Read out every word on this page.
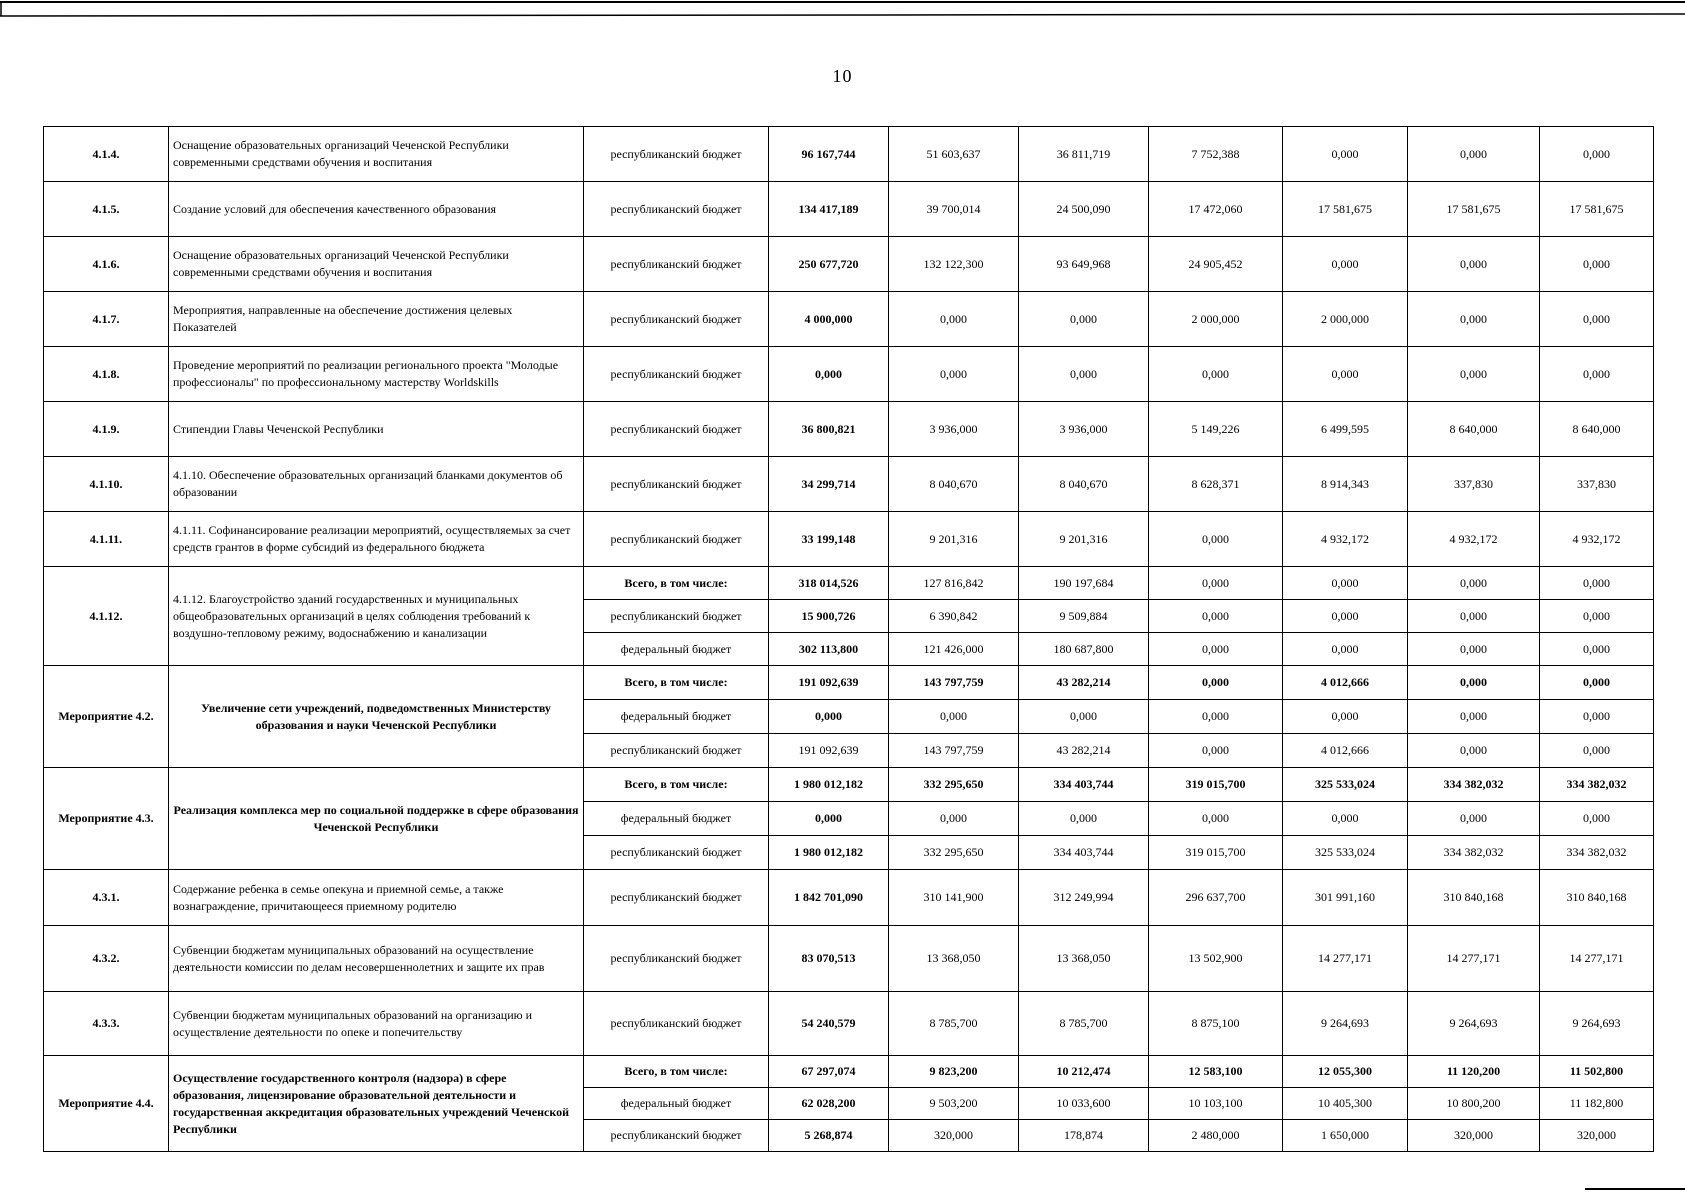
10
4.1.4.	Оснащение образовательных организаций Чеченской Республики современными средствами обучения и воспитания	республиканский бюджет	96 167,744	51 603,637	36 811,719	7 752,388	0,000	0,000	0,000
4.1.5.	Создание условий для обеспечения качественного образования	республиканский бюджет	134 417,189	39 700,014	24 500,090	17 472,060	17 581,675	17 581,675	17 581,675
4.1.6.	Оснащение образовательных организаций Чеченской Республики современными средствами обучения и воспитания	республиканский бюджет	250 677,720	132 122,300	93 649,968	24 905,452	0,000	0,000	0,000
4.1.7.	Мероприятия, направленные на обеспечение достижения целевых Показателей	республиканский бюджет	4 000,000	0,000	0,000	2 000,000	2 000,000	0,000	0,000
4.1.8.	Проведение мероприятий по реализации регионального проекта "Молодые профессионалы" по профессиональному мастерству Worldskills	республиканский бюджет	0,000	0,000	0,000	0,000	0,000	0,000	0,000
4.1.9.	Стипендии Главы Чеченской Республики	республиканский бюджет	36 800,821	3 936,000	3 936,000	5 149,226	6 499,595	8 640,000	8 640,000
4.1.10.	4.1.10. Обеспечение образовательных организаций бланками документов об образовании	республиканский бюджет	34 299,714	8 040,670	8 040,670	8 628,371	8 914,343	337,830	337,830
4.1.11.	4.1.11. Софинансирование реализации мероприятий, осуществляемых за счет средств грантов в форме субсидий из федерального бюджета	республиканский бюджет	33 199,148	9 201,316	9 201,316	0,000	4 932,172	4 932,172	4 932,172
4.1.12.	4.1.12. Благоустройство зданий государственных и муниципальных общеобразовательных организаций в целях соблюдения требований к воздушно-тепловому режиму, водоснабжению и канализации	Всего, в том числе:	318 014,526	127 816,842	190 197,684	0,000	0,000	0,000	0,000
		республиканский бюджет	15 900,726	6 390,842	9 509,884	0,000	0,000	0,000	0,000
		федеральный бюджет	302 113,800	121 426,000	180 687,800	0,000	0,000	0,000	0,000
Мероприятие 4.2.	Увеличение сети учреждений, подведомственных Министерству образования и науки Чеченской Республики	Всего, в том числе:	191 092,639	143 797,759	43 282,214	0,000	4 012,666	0,000	0,000
		федеральный бюджет	0,000	0,000	0,000	0,000	0,000	0,000	0,000
		республиканский бюджет	191 092,639	143 797,759	43 282,214	0,000	4 012,666	0,000	0,000
Мероприятие 4.3.	Реализация комплекса мер по социальной поддержке в сфере образования Чеченской Республики	Всего, в том числе:	1 980 012,182	332 295,650	334 403,744	319 015,700	325 533,024	334 382,032	334 382,032
		федеральный бюджет	0,000	0,000	0,000	0,000	0,000	0,000	0,000
		республиканский бюджет	1 980 012,182	332 295,650	334 403,744	319 015,700	325 533,024	334 382,032	334 382,032
4.3.1.	Содержание ребенка в семье опекуна и приемной семье, а также вознаграждение, причитающееся приемному родителю	республиканский бюджет	1 842 701,090	310 141,900	312 249,994	296 637,700	301 991,160	310 840,168	310 840,168
4.3.2.	Субвенции бюджетам муниципальных образований на осуществление деятельности комиссии по делам несовершеннолетних и защите их прав	республиканский бюджет	83 070,513	13 368,050	13 368,050	13 502,900	14 277,171	14 277,171	14 277,171
4.3.3.	Субвенции бюджетам муниципальных образований на организацию и осуществление деятельности по опеке и попечительству	республиканский бюджет	54 240,579	8 785,700	8 785,700	8 875,100	9 264,693	9 264,693	9 264,693
Мероприятие 4.4.	Осуществление государственного контроля (надзора) в сфере образования, лицензирование образовательной деятельности и государственная аккредитация образовательных учреждений Чеченской Республики	Всего, в том числе:	67 297,074	9 823,200	10 212,474	12 583,100	12 055,300	11 120,200	11 502,800
		федеральный бюджет	62 028,200	9 503,200	10 033,600	10 103,100	10 405,300	10 800,200	11 182,800
		республиканский бюджет	5 268,874	320,000	178,874	2 480,000	1 650,000	320,000	320,000
